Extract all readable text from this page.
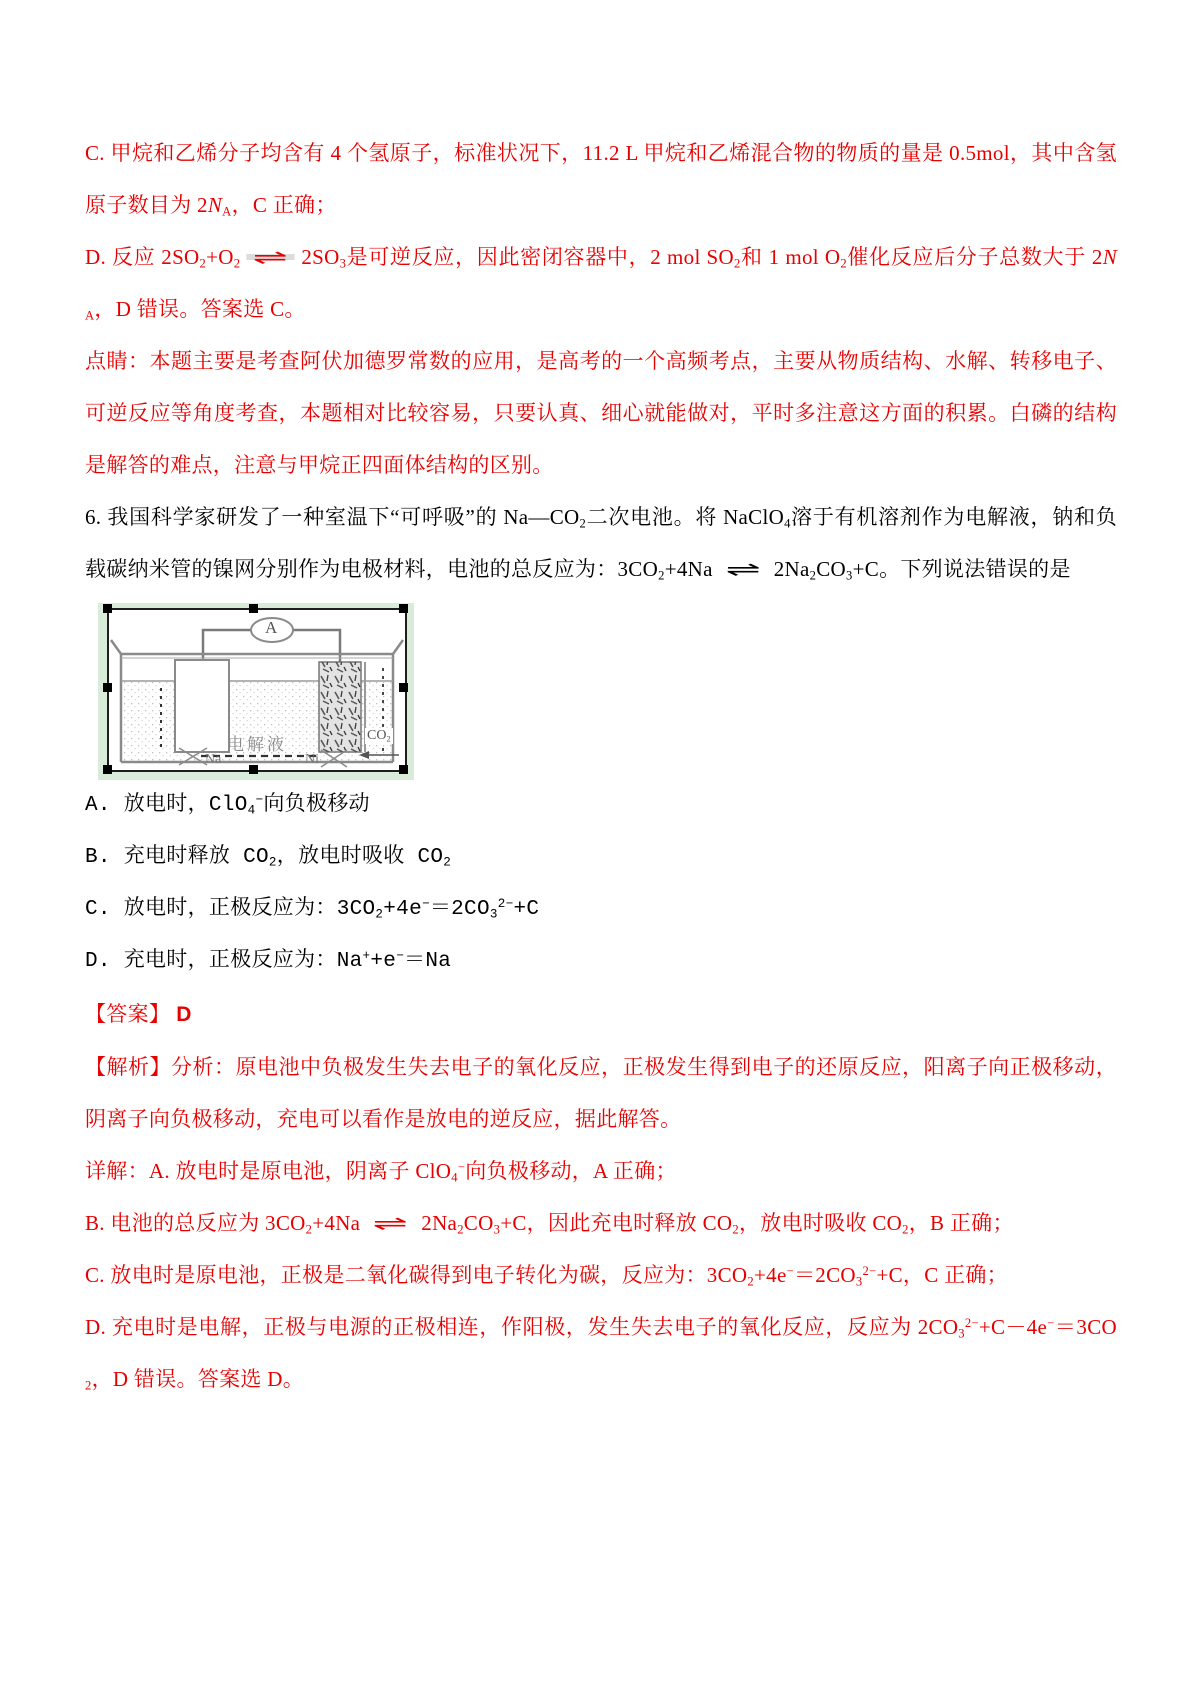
C. 甲烷和乙烯分子均含有 4 个氢原子，标准状况下，11.2 L 甲烷和乙烯混合物的物质的量是 0.5mol，其中含氢原子数目为 $2N_A$，C 正确；

D. 反应 $2SO_2+O_2$ ⇌ $2SO_3$是可逆反应，因此密闭容器中，2 mol $SO_2$和 1 mol $O_2$催化反应后分子总数大于 $2N_A$，D 错误。答案选 C。

点睛：本题主要是考查阿伏加德罗常数的应用，是高考的一个高频考点，主要从物质结构、水解、转移电子、可逆反应等角度考查，本题相对比较容易，只要认真、细心就能做对，平时多注意这方面的积累。白磷的结构是解答的难点，注意与甲烷正四面体结构的区别。

6. 我国科学家研发了一种室温下“可呼吸”的 $Na—CO_2$二次电池。将 NaClO$_4$溶于有机溶剂作为电解液，钠和负载碳纳米管的镍网分别作为电极材料，电池的总反应为：$3CO_2+4Na$ ⇌ $2Na_2CO_3+C$。下列说法错误的是

A
电解液
Na	Ni
$CO_2$

A. 放电时，ClO$_4$−向负极移动

B. 充电时释放 $CO_2$，放电时吸收 $CO_2$

C. 放电时，正极反应为：$3CO_2+4e^-=2CO_3^{2-}+C$

D. 充电时，正极反应为：Na++e−＝Na

【答案】 D

【解析】分析：原电池中负极发生失去电子的氧化反应，正极发生得到电子的还原反应，阳离子向正极移动，阴离子向负极移动，充电可以看作是放电的逆反应，据此解答。

详解：A. 放电时是原电池，阴离子 ClO$_4$−向负极移动，A 正确；

B. 电池的总反应为 $3CO_2+4Na$ ⇌ $2Na_2CO_3+C$，因此充电时释放 $CO_2$，放电时吸收 $CO_2$，B 正确；

C. 放电时是原电池，正极是二氧化碳得到电子转化为碳，反应为：$3CO_2+4e^-=2CO_3^{2-}+C$，C 正确；

D. 充电时是电解，正极与电源的正极相连，作阳极，发生失去电子的氧化反应，反应为 $2CO_3^{2-}+C-4e^-=3CO_2$，D 错误。答案选 D。
